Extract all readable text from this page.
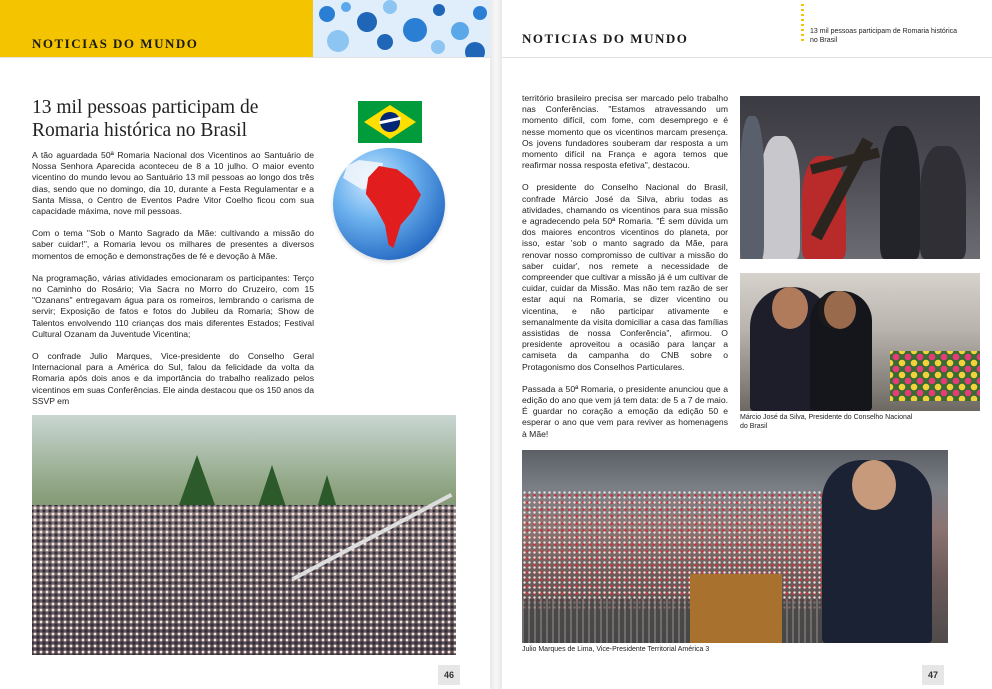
NOTICIAS DO MUNDO
13 mil pessoas participam de Romaria histórica no Brasil

A tão aguardada 50ª Romaria Nacional dos Vicentinos ao Santuário de Nossa Senhora Aparecida aconteceu de 8 a 10 julho. O maior evento vicentino do mundo levou ao Santuário 13 mil pessoas ao longo dos três dias, sendo que no domingo, dia 10, durante a Festa Regulamentar e a Santa Missa, o Centro de Eventos Padre Vitor Coelho ficou com sua capacidade máxima, nove mil pessoas.

Com o tema "Sob o Manto Sagrado da Mãe: cultivando a missão do saber cuidar!", a Romaria levou os milhares de presentes a diversos momentos de emoção e demonstrações de fé e devoção à Mãe.

Na programação, várias atividades emocionaram os participantes: Terço no Caminho do Rosário; Via Sacra no Morro do Cruzeiro, com 15 "Ozanans" entregavam água para os romeiros, lembrando o carisma de servir; Exposição de fatos e fotos do Jubileu da Romaria; Show de Talentos envolvendo 110 crianças dos mais diferentes Estados; Festival Cultural Ozanam da Juventude Vicentina;

O confrade Julio Marques, Vice-presidente do Conselho Geral Internacional para a América do Sul, falou da felicidade da volta da Romaria após dois anos e da importância do trabalho realizado pelos vicentinos em suas Conferências. Ele ainda destacou que os 150 anos da SSVP em

46
NOTICIAS DO MUNDO	13 mil pessoas participam de Romaria histórica no Brasil

território brasileiro precisa ser marcado pelo trabalho nas Conferências. "Estamos atravessando um momento difícil, com fome, com desemprego e é nesse momento que os vicentinos marcam presença. Os jovens fundadores souberam dar resposta a um momento difícil na França e agora temos que reafirmar nossa resposta efetiva", destacou.

O presidente do Conselho Nacional do Brasil, confrade Márcio José da Silva, abriu todas as atividades, chamando os vicentinos para sua missão e agradecendo pela 50ª Romaria. "É sem dúvida um dos maiores encontros vicentinos do planeta, por isso, estar 'sob o manto sagrado da Mãe, para renovar nosso compromisso de cultivar a missão do saber cuidar', nos remete a necessidade de compreender que cultivar a missão já é um cultivar de cuidar, cuidar da Missão. Mas não tem razão de ser estar aqui na Romaria, se dizer vicentino ou vicentina, e não participar ativamente e semanalmente da visita domiciliar a casa das famílias assistidas de nossa Conferência", afirmou. O presidente aproveitou a ocasião para lançar a camiseta da campanha do CNB sobre o Protagonismo dos Conselhos Particulares.

Passada a 50ª Romaria, o presidente anunciou que a edição do ano que vem já tem data: de 5 a 7 de maio. É guardar no coração a emoção da edição 50 e esperar o ano que vem para reviver as homenagens à Mãe!

Márcio José da Silva, Presidente do Conselho Nacional do Brasil
Julio Marques de Lima, Vice-Presidente Territorial América 3
47
